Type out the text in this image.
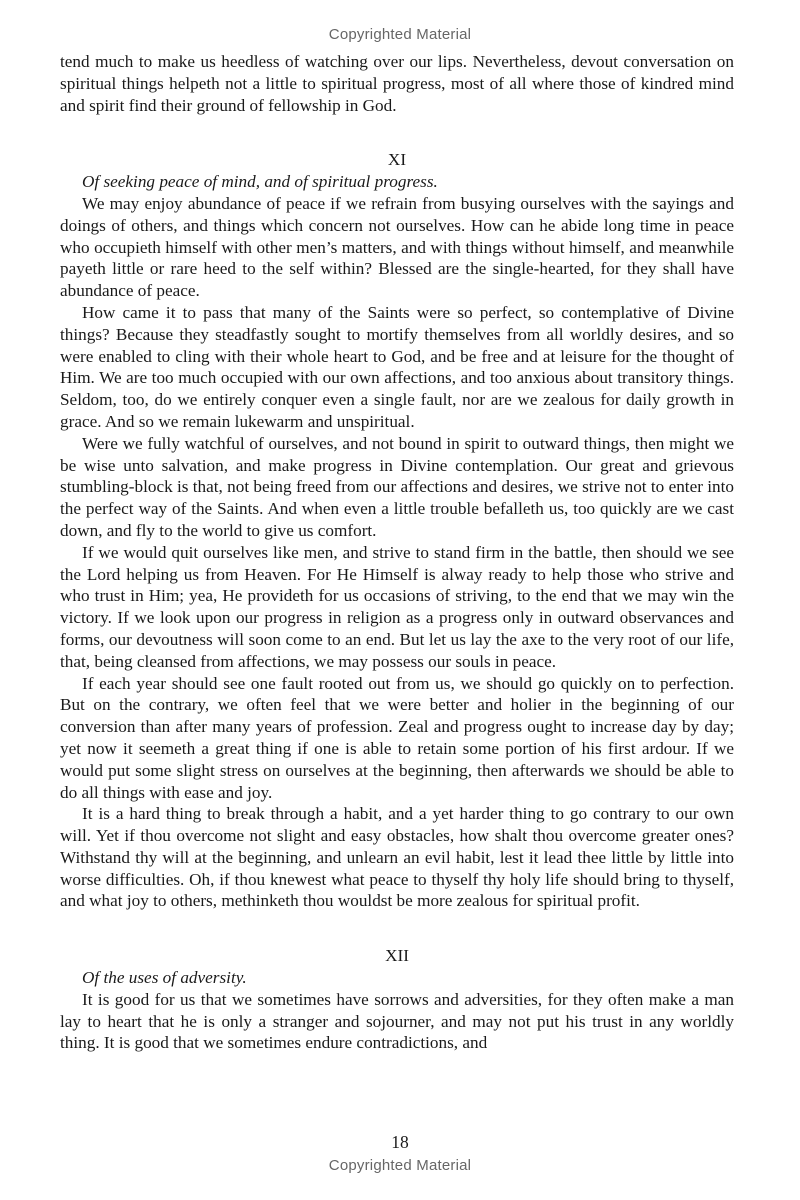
Copyrighted Material

tend much to make us heedless of watching over our lips. Nevertheless, devout conversation on spiritual things helpeth not a little to spiritual progress, most of all where those of kindred mind and spirit find their ground of fellowship in God.

XI

Of seeking peace of mind, and of spiritual progress.

We may enjoy abundance of peace if we refrain from busying ourselves with the sayings and doings of others, and things which concern not ourselves. How can he abide long time in peace who occupieth himself with other men’s matters, and with things without himself, and meanwhile payeth little or rare heed to the self within? Blessed are the single-hearted, for they shall have abundance of peace.

How came it to pass that many of the Saints were so perfect, so contemplative of Divine things? Because they steadfastly sought to mortify themselves from all worldly desires, and so were enabled to cling with their whole heart to God, and be free and at leisure for the thought of Him. We are too much occupied with our own affections, and too anxious about transitory things. Seldom, too, do we entirely conquer even a single fault, nor are we zealous for daily growth in grace. And so we remain lukewarm and unspiritual.

Were we fully watchful of ourselves, and not bound in spirit to outward things, then might we be wise unto salvation, and make progress in Divine contemplation. Our great and grievous stumbling-block is that, not being freed from our affections and desires, we strive not to enter into the perfect way of the Saints. And when even a little trouble befalleth us, too quickly are we cast down, and fly to the world to give us comfort.

If we would quit ourselves like men, and strive to stand firm in the battle, then should we see the Lord helping us from Heaven. For He Himself is alway ready to help those who strive and who trust in Him; yea, He provideth for us occasions of striving, to the end that we may win the victory. If we look upon our progress in religion as a progress only in outward observances and forms, our devoutness will soon come to an end. But let us lay the axe to the very root of our life, that, being cleansed from affections, we may possess our souls in peace.

If each year should see one fault rooted out from us, we should go quickly on to perfection. But on the contrary, we often feel that we were better and holier in the beginning of our conversion than after many years of profession. Zeal and progress ought to increase day by day; yet now it seemeth a great thing if one is able to retain some portion of his first ardour. If we would put some slight stress on ourselves at the beginning, then afterwards we should be able to do all things with ease and joy.

It is a hard thing to break through a habit, and a yet harder thing to go contrary to our own will. Yet if thou overcome not slight and easy obstacles, how shalt thou overcome greater ones? Withstand thy will at the beginning, and unlearn an evil habit, lest it lead thee little by little into worse difficulties. Oh, if thou knewest what peace to thyself thy holy life should bring to thyself, and what joy to others, methinketh thou wouldst be more zealous for spiritual profit.

XII

Of the uses of adversity.

It is good for us that we sometimes have sorrows and adversities, for they often make a man lay to heart that he is only a stranger and sojourner, and may not put his trust in any worldly thing. It is good that we sometimes endure contradictions, and

18
Copyrighted Material
